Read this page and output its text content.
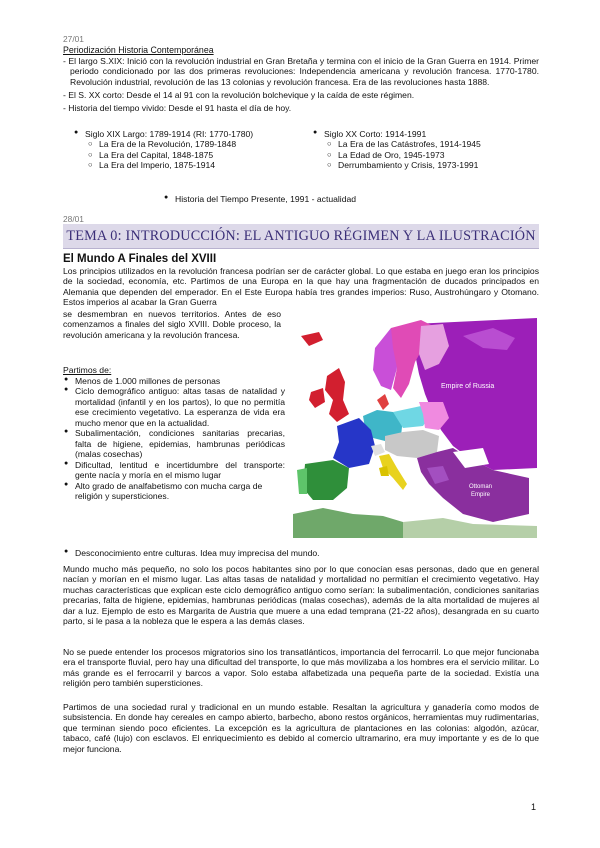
27/01
Periodización Historia Contemporánea

- El largo S.XIX: Inició con la revolución industrial en Gran Bretaña y termina con el inicio de la Gran Guerra en 1914. Primer periodo condicionado por las dos primeras revoluciones: Independencia americana y revolución francesa. 1770-1780. Revolución industrial, revolución de las 13 colonias y revolución francesa. Era de las revoluciones hasta 1888.

- El S. XX corto: Desde el 14 al 91 con la revolución bolchevique y la caída de este régimen.

- Historia del tiempo vivido: Desde el 91 hasta el día de hoy.

● Siglo XIX Largo: 1789-1914 (RI: 1770-1780)
○ La Era de la Revolución, 1789-1848
○ La Era del Capital, 1848-1875
○ La Era del Imperio, 1875-1914
● Siglo XX Corto: 1914-1991
○ La Era de las Catástrofes, 1914-1945
○ La Edad de Oro, 1945-1973
○ Derrumbamiento y Crisis, 1973-1991
● Historia del Tiempo Presente, 1991 - actualidad
28/01
TEMA 0: INTRODUCCIÓN: EL ANTIGUO RÉGIMEN Y LA ILUSTRACIÓN
El Mundo A Finales del XVIII

Los principios utilizados en la revolución francesa podrían ser de carácter global. Lo que estaba en juego eran los principios de la sociedad, economía, etc. Partimos de una Europa en la que hay una fragmentación de ducados principados en Alemania que dependen del emperador. En el Este Europa había tres grandes imperios: Ruso, Austrohúngaro y Otomano. Estos imperios al acabar la Gran Guerra

se desmembran en nuevos territorios. Antes de eso comenzamos a finales del siglo XVIII. Doble proceso, la revolución americana y la revolución francesa.

Partimos de:
● Menos de 1.000 millones de personas
● Ciclo demográfico antiguo: altas tasas de natalidad y mortalidad (infantil y en los partos), lo que no permitía ese crecimiento vegetativo. La esperanza de vida era mucho menor que en la actualidad.
● Subalimentación, condiciones sanitarias precarias, falta de higiene, epidemias, hambrunas periódicas (malas cosechas)
● Dificultad, lentitud e incertidumbre del transporte: gente nacía y moría en el mismo lugar
● Alto grado de analfabetismo con mucha carga de religión y supersticiones.
● Desconocimiento entre culturas. Idea muy imprecisa del mundo.
Empire of Russia
Ottoman
Empire

Mundo mucho más pequeño, no solo los pocos habitantes sino por lo que conocían esas personas, dado que en general nacían y morían en el mismo lugar. Las altas tasas de natalidad y mortalidad no permitían el crecimiento vegetativo. Hay muchas características que explican este ciclo demográfico antiguo como serían: la subalimentación, condiciones sanitarias precarias, falta de higiene, epidemias, hambrunas periódicas (malas cosechas), además de la alta mortalidad de mujeres al dar a luz. Ejemplo de esto es Margarita de Austria que muere a una edad temprana (21-22 años), desangrada en su cuarto parto, si le pasa a la nobleza que le espera a las demás clases.

No se puede entender los procesos migratorios sino los transatlánticos, importancia del ferrocarril. Lo que mejor funcionaba era el transporte fluvial, pero hay una dificultad del transporte, lo que más movilizaba a los hombres era el servicio militar. Lo más grande es el ferrocarril y barcos a vapor. Solo estaba alfabetizada una pequeña parte de la sociedad. Existía una religión pero también supersticiones.

Partimos de una sociedad rural y tradicional en un mundo estable. Resaltan la agricultura y ganadería como modos de subsistencia. En donde hay cereales en campo abierto, barbecho, abono restos orgánicos, herramientas muy rudimentarias, que terminan siendo poco eficientes. La excepción es la agricultura de plantaciones en las colonias: algodón, azúcar, tabaco, café (lujo) con esclavos. El enriquecimiento es debido al comercio ultramarino, era muy importante y es de lo que mejor funciona.

1
